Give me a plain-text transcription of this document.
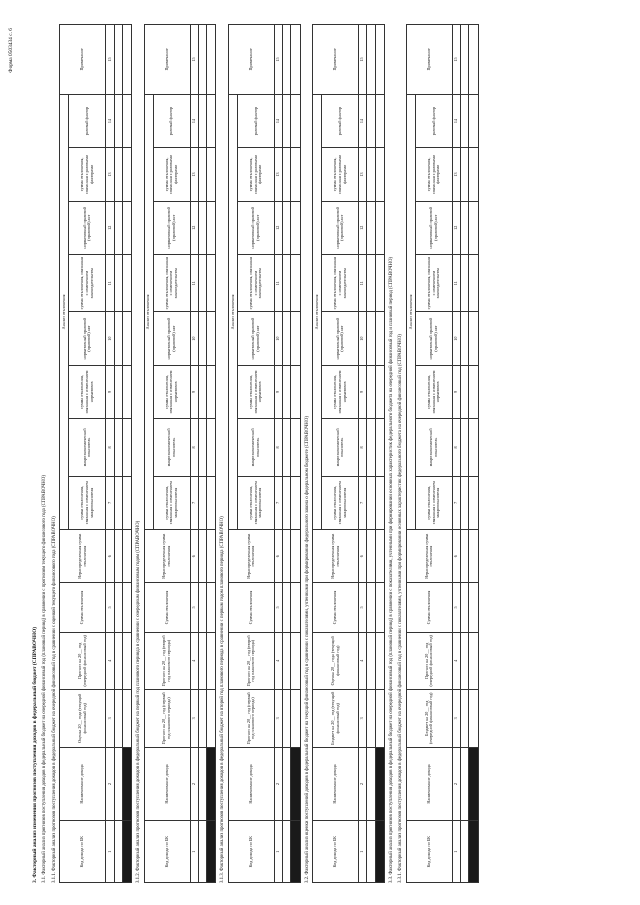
Форма 0503434 с. 6
3. Факторный анализ изменения прогнозов поступления доходов в федеральный бюджет (СПРАВОЧНО) 3.1. Факторный анализ прогнозов поступления доходов в федеральный бюджет на очередной финансовый год (плановый период) в сравнении с прогнозом текущего финансового года (СПРАВОЧНО) 3.1.1. Факторный анализ прогнозов поступления доходов в федеральный бюджет на очередной финансовый год в сравнении с оценкой текущего финансового года (СПРАВОЧНО)	Код дохода по БК	Наименование дохода	Оценка 20__ года (текущий финансовый год)	Прогноз на 20__ год (очередной финансовый год)	Сумма отклонения	Нераспределенная сумма отклонения	Анализ отклонения								Примечание
						сумма отклонения, связанная с изменением макропоказателя	макроэкономический показатель	сумма отклонения, связанная с изменением нормативов	нормативный правовой (правовой) акт	сумма отклонения, связанная с изменением законодательства	нормативный правовой (правовой) акт	сумма отклонения, связанная с разовыми факторами	разовый фактор	
1	2	3	4	5	6	7	8	9	10	11	12	13	14	15

3.1.2. Факторный анализ прогнозов поступления доходов в федеральный бюджет на первый год планового периода в сравнении с очередным финансовым годом (СПРАВОЧНО)	Код дохода по БК	Наименование дохода	Прогноз на 20__ год (первый год планового периода)	Прогноз на 20__ год (второй год планового периода)	Сумма отклонения	Нераспределенная сумма отклонения	Анализ отклонения								Примечание
						сумма отклонения, связанная с изменением макропоказателя	макроэкономический показатель	сумма отклонения, связанная с изменением нормативов	нормативный правовой (правовой) акт	сумма отклонения, связанная с изменением законодательства	нормативный правовой (правовой) акт	сумма отклонения, связанная с разовыми факторами	разовый фактор	
1	2	3	4	5	6	7	8	9	10	11	12	13	14	15

3.1.3. Факторный анализ прогнозов поступления доходов в федеральный бюджет на второй год планового периода в сравнении с первым годом планового периода (СПРАВОЧНО)	Код дохода по БК	Наименование дохода	Прогноз на 20__ год (первый год планового периода)	Прогноз на 20__ год (второй год планового периода)	Сумма отклонения	Нераспределенная сумма отклонения	Анализ отклонения								Примечание
						сумма отклонения, связанная с изменением макропоказателя	макроэкономический показатель	сумма отклонения, связанная с изменением нормативов	нормативный правовой (правовой) акт	сумма отклонения, связанная с изменением законодательства	нормативный правовой (правовой) акт	сумма отклонения, связанная с разовыми факторами	разовый фактор	
1	2	3	4	5	6	7	8	9	10	11	12	13	14	15

3.2. Факторный анализ оценки поступлений доходов в федеральный бюджет на текущий финансовый год в сравнении с показателями, учтенными при формировании федерального закона о федеральном бюджете (СПРАВОЧНО)	Код дохода по БК	Наименование дохода	Бюджет на 20__ год (текущий финансовый год)	Оценка 20__ года (текущий финансовый год)	Сумма отклонения	Нераспределенная сумма отклонения	Анализ отклонения								Примечание
						сумма отклонения, связанная с изменением макропоказателя	макроэкономический показатель	сумма отклонения, связанная с изменением нормативов	нормативный правовой (правовой) акт	сумма отклонения, связанная с изменением законодательства	нормативный правовой (правовой) акт	сумма отклонения, связанная с разовыми факторами	разовый фактор	
1	2	3	4	5	6	7	8	9	10	11	12	13	14	15

3.3. Факторный анализ прогнозов поступления доходов в федеральный бюджет на очередной финансовый год (плановый период) в сравнении с показателями, учтенными при формировании основных характеристик федерального бюджета на очередной финансовый год и плановый период (СПРАВОЧНО) 3.3.1. Факторный анализ прогнозов поступления доходов в федеральный бюджет на очередной финансовый год в сравнении с показателями, учтенными при формировании основных характеристик федерального бюджета на очередной финансовый год (СПРАВОЧНО)	Код дохода по БК	Наименование дохода	Бюджет на 20__ год (очередной финансовый год)	Прогноз на 20__ год (очередной финансовый год)	Сумма отклонения	Нераспределенная сумма отклонения	Анализ отклонения								Примечание
						сумма отклонения, связанная с изменением макропоказателя	макроэкономический показатель	сумма отклонения, связанная с изменением нормативов	нормативный правовой (правовой) акт	сумма отклонения, связанная с изменением законодательства	нормативный правовой (правовой) акт	сумма отклонения, связанная с разовыми факторами	разовый фактор	
1	2	3	4	5	6	7	8	9	10	11	12	13	14	15
